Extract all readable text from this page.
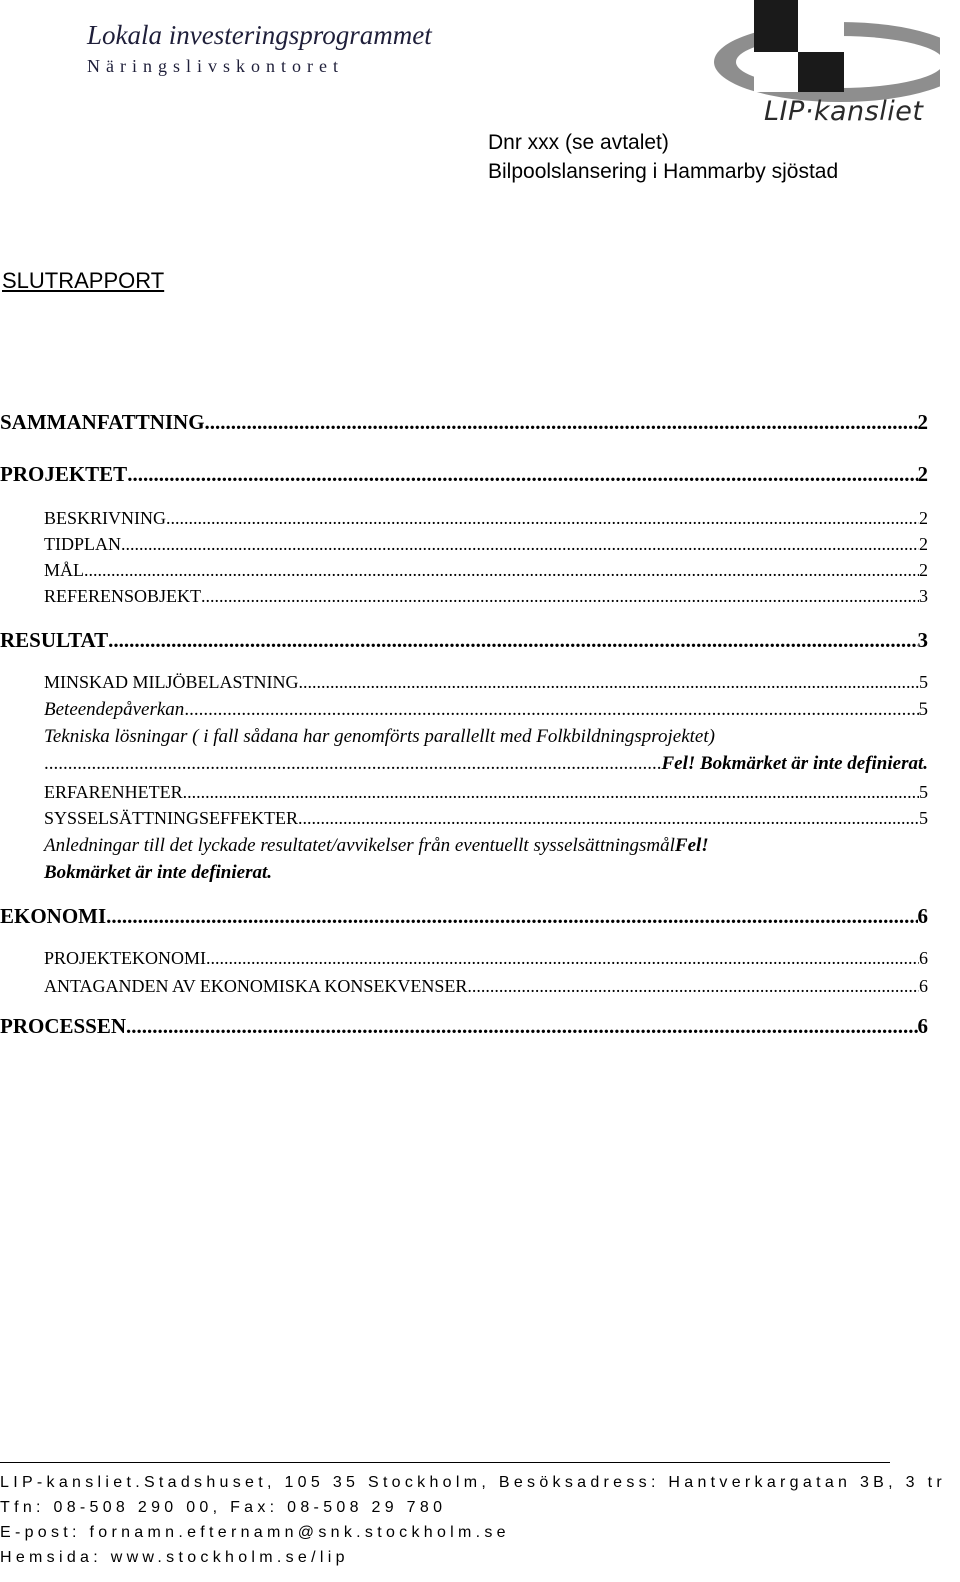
Lokala investeringsprogrammet
Näringslivskontoret
LIP·kansliet
Dnr xxx (se avtalet)
Bilpoolslansering i Hammarby sjöstad
SLUTRAPPORT
SAMMANFATTNING .....	2
PROJEKTET .....	2
BESKRIVNING .....	2
TIDPLAN .....	2
MÅL .....	2
REFERENSOBJEKT .....	3
RESULTAT .....	3
MINSKAD MILJÖBELASTNING .....	5
Beteendepåverkan .....	5
Tekniska lösningar ( i fall sådana har genomförts parallellt med Folkbildningsprojektet)
.....
Fel! Bokmärket är inte definierat.
ERFARENHETER .....	5
SYSSELSÄTTNINGSEFFEKTER .....	5
Anledningar till det lyckade resultatet/avvikelser från eventuellt sysselsättningsmålFel!
Bokmärket är inte definierat.
EKONOMI .....	6
PROJEKTEKONOMI .....	6
ANTAGANDEN AV EKONOMISKA KONSEKVENSER .....	6
PROCESSEN .....	6
LIP-kansliet.Stadshuset, 105 35 Stockholm, Besöksadress: Hantverkargatan 3B, 3 tr
Tfn: 08-508 290 00, Fax: 08-508 29 780
E-post: fornamn.efternamn@snk.stockholm.se
Hemsida: www.stockholm.se/lip
